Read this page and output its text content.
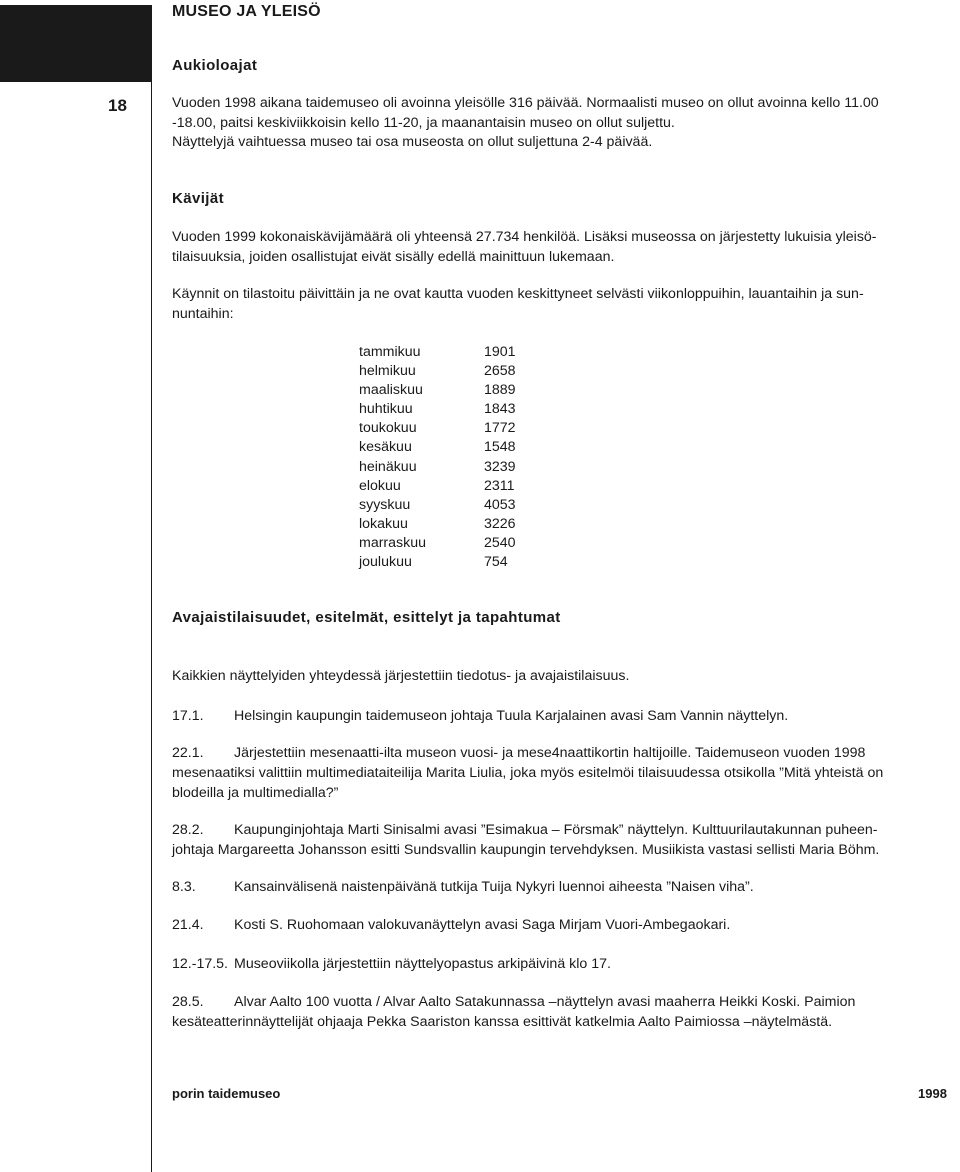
MUSEO JA YLEISÖ
18
Aukioloajat
Vuoden 1998 aikana taidemuseo oli avoinna yleisölle 316 päivää. Normaalisti museo on ollut avoinna kello 11.00
-18.00, paitsi keskiviikkoisin kello 11-20, ja maanantaisin museo on ollut suljettu.
Näyttelyjä vaihtuessa museo tai osa museosta on ollut suljettuna 2-4 päivää.
Kävijät
Vuoden 1999 kokonaiskävijämäärä oli yhteensä 27.734 henkilöä. Lisäksi museossa on järjestetty lukuisia yleisö-
tilaisuuksia, joiden osallistujat eivät sisälly edellä mainittuun lukemaan.
Käynnit on tilastoitu päivittäin ja ne ovat kautta vuoden keskittyneet selvästi viikonloppuihin, lauantaihin ja sun-
nuntaihin:
tammikuu	1901
helmikuu	2658
maaliskuu	1889
huhtikuu	1843
toukokuu	1772
kesäkuu	1548
heinäkuu	3239
elokuu	2311
syyskuu	4053
lokakuu	3226
marraskuu	2540
joulukuu	754
Avajaistilaisuudet, esitelmät, esittelyt ja tapahtumat
Kaikkien näyttelyiden yhteydessä järjestettiin tiedotus- ja avajaistilaisuus.
17.1. Helsingin kaupungin taidemuseon johtaja Tuula Karjalainen avasi Sam Vannin näyttelyn.
22.1. Järjestettiin mesenaatti-ilta museon vuosi- ja mese4naattikortin haltijoille. Taidemuseon vuoden 1998
mesenaatiksi valittiin multimediataiteilija Marita Liulia, joka myös esitelmöi tilaisuudessa otsikolla ”Mitä yhteistä on
blodeilla ja multimedialla?”
28.2. Kaupunginjohtaja Marti Sinisalmi avasi ”Esimakua – Försmak” näyttelyn. Kulttuurilautakunnan puheen-
johtaja Margareetta Johansson esitti Sundsvallin kaupungin tervehdyksen. Musiikista vastasi sellisti Maria Böhm.
8.3.	Kansainvälisenä naistenpäivänä tutkija Tuija Nykyri luennoi aiheesta ”Naisen viha”.
21.4. Kosti S. Ruohomaan valokuvanäyttelyn avasi Saga Mirjam Vuori-Ambegaokari.
12.-17.5. Museoviikolla järjestettiin näyttelyopastus arkipäivinä klo 17.
28.5. Alvar Aalto 100 vuotta / Alvar Aalto Satakunnassa –näyttelyn avasi maaherra Heikki Koski. Paimion
kesäteatterinnäyttelijät ohjaaja Pekka Saariston kanssa esittivät katkelmia Aalto Paimiossa –näytelmästä.
porin taidemuseo	1998
